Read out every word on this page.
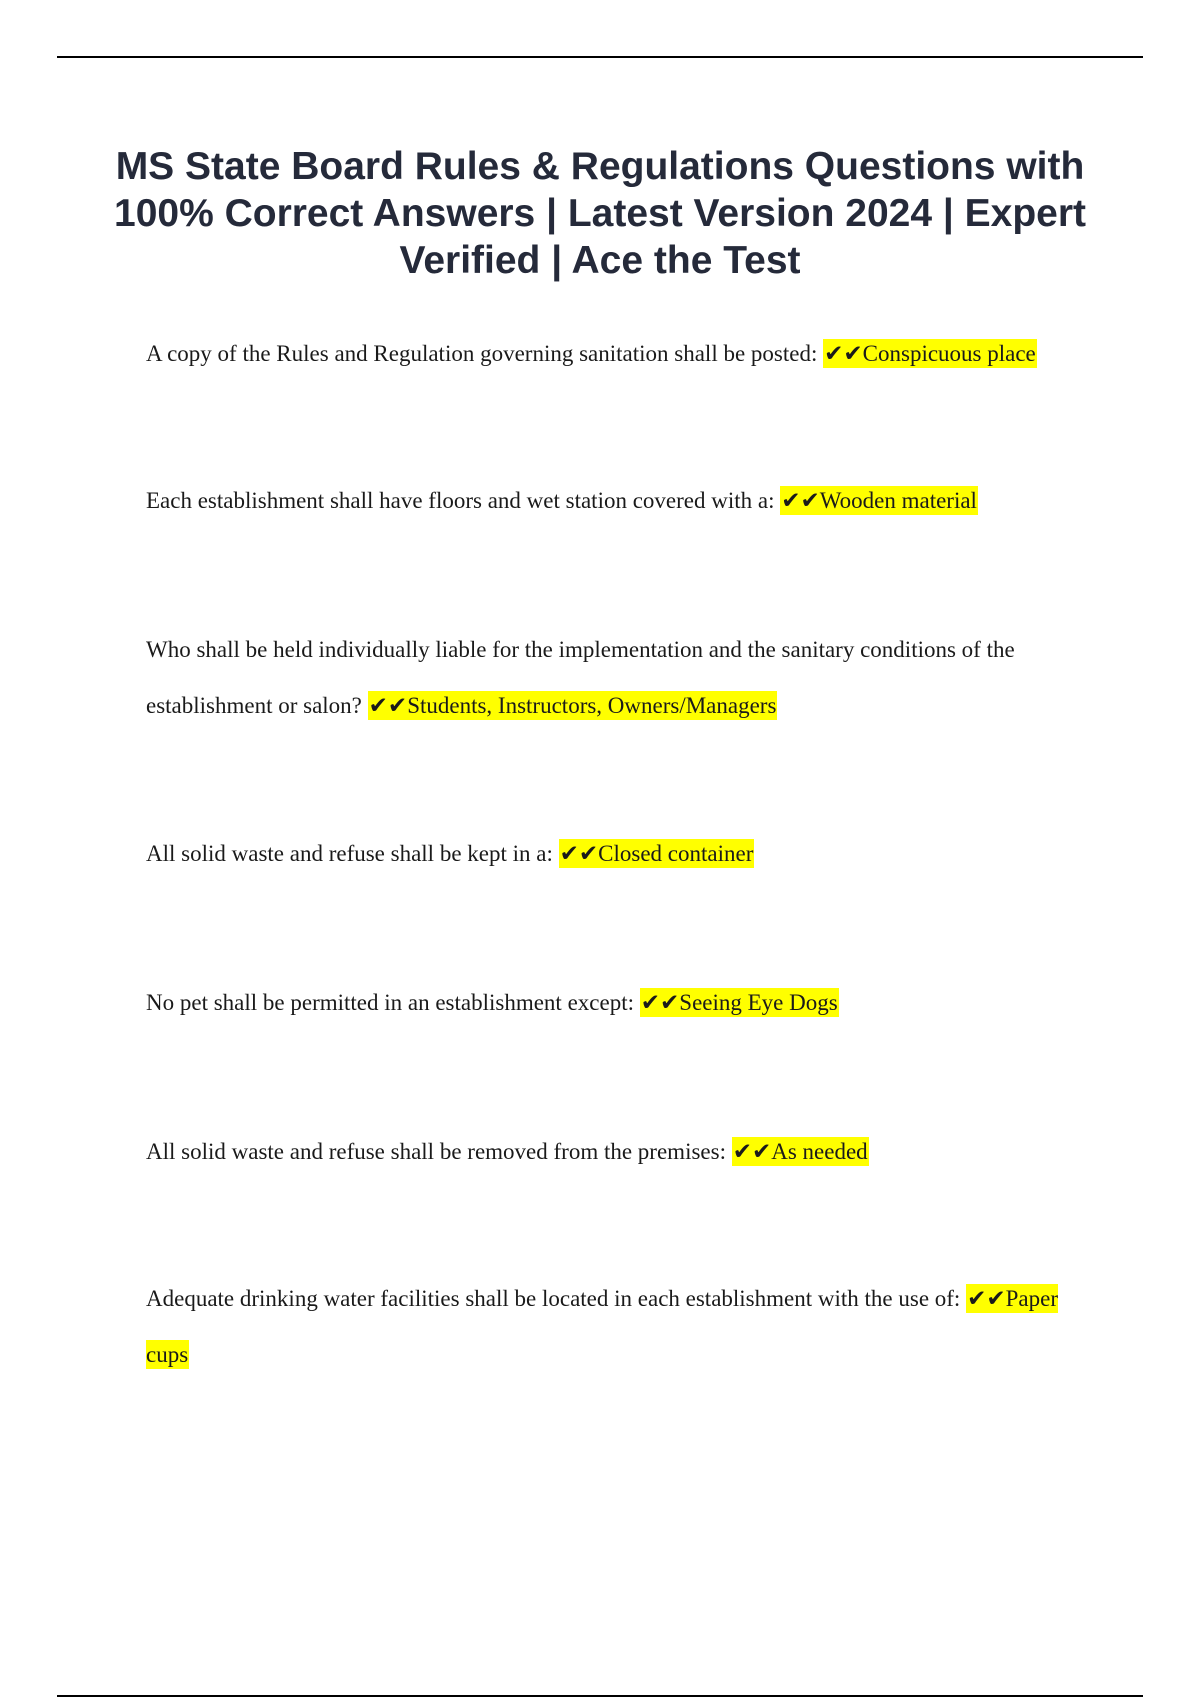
MS State Board Rules & Regulations Questions with 100% Correct Answers | Latest Version 2024 | Expert Verified | Ace the Test

A copy of the Rules and Regulation governing sanitation shall be posted: ✔✔Conspicuous place

Each establishment shall have floors and wet station covered with a: ✔✔Wooden material

Who shall be held individually liable for the implementation and the sanitary conditions of the establishment or salon? ✔✔Students, Instructors, Owners/Managers

All solid waste and refuse shall be kept in a: ✔✔Closed container

No pet shall be permitted in an establishment except: ✔✔Seeing Eye Dogs

All solid waste and refuse shall be removed from the premises: ✔✔As needed

Adequate drinking water facilities shall be located in each establishment with the use of: ✔✔Paper cups
